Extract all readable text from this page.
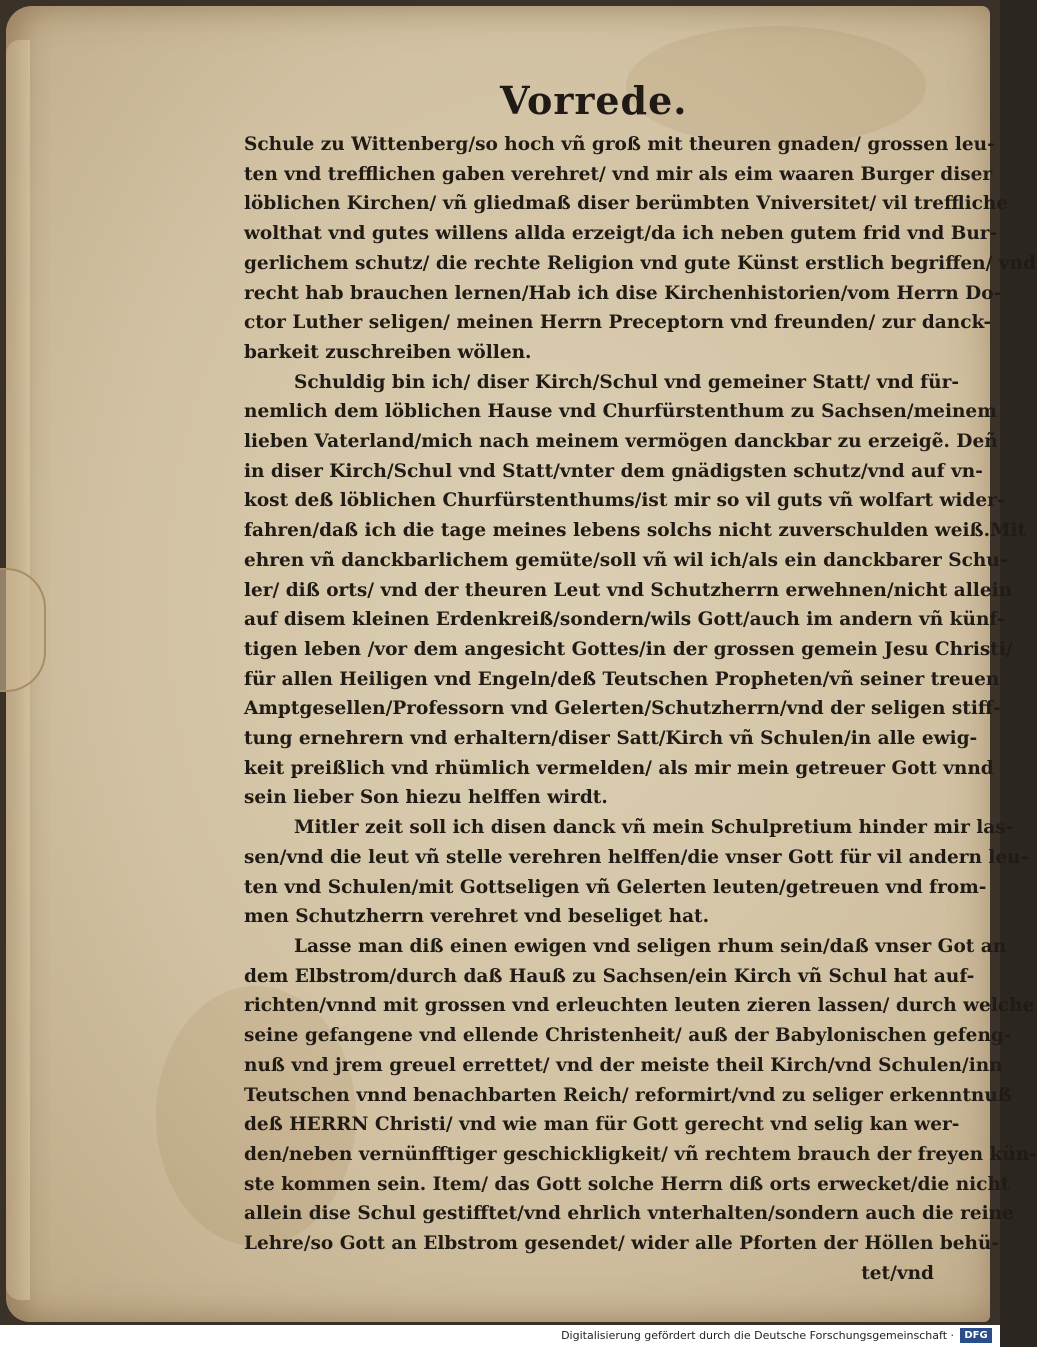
Vorrede.
Schule zu Wittenberg/so hoch vñ groß mit theuren gnaden/ grossen leu-
ten vnd trefflichen gaben verehret/ vnd mir als eim waaren Burger diser
löblichen Kirchen/ vñ gliedmaß diser berümbten Vniversitet/ vil treffliche
wolthat vnd gutes willens allda erzeigt/da ich neben gutem frid vnd Bur-
gerlichem schutz/ die rechte Religion vnd gute Künst erstlich begriffen/ vnd
recht hab brauchen lernen/Hab ich dise Kirchenhistorien/vom Herrn Do-
ctor Luther seligen/ meinen Herrn Preceptorn vnd freunden/ zur danck-
barkeit zuschreiben wöllen.
Schuldig bin ich/ diser Kirch/Schul vnd gemeiner Statt/ vnd für-
nemlich dem löblichen Hause vnd Churfürstenthum zu Sachsen/meinem
lieben Vaterland/mich nach meinem vermögen danckbar zu erzeigẽ. Deñ
in diser Kirch/Schul vnd Statt/vnter dem gnädigsten schutz/vnd auf vn-
kost deß löblichen Churfürstenthums/ist mir so vil guts vñ wolfart wider-
fahren/daß ich die tage meines lebens solchs nicht zuverschulden weiß.Mit
ehren vñ danckbarlichem gemüte/soll vñ wil ich/als ein danckbarer Schu-
ler/ diß orts/ vnd der theuren Leut vnd Schutzherrn erwehnen/nicht allein
auf disem kleinen Erdenkreiß/sondern/wils Gott/auch im andern vñ künf-
tigen leben /vor dem angesicht Gottes/in der grossen gemein Jesu Christi/
für allen Heiligen vnd Engeln/deß Teutschen Propheten/vñ seiner treuen
Amptgesellen/Professorn vnd Gelerten/Schutzherrn/vnd der seligen stiff-
tung ernehrern vnd erhaltern/diser Satt/Kirch vñ Schulen/in alle ewig-
keit preißlich vnd rhümlich vermelden/ als mir mein getreuer Gott vnnd
sein lieber Son hiezu helffen wirdt.
Mitler zeit soll ich disen danck vñ mein Schulpretium hinder mir las-
sen/vnd die leut vñ stelle verehren helffen/die vnser Gott für vil andern leu-
ten vnd Schulen/mit Gottseligen vñ Gelerten leuten/getreuen vnd from-
men Schutzherrn verehret vnd beseliget hat.
Lasse man diß einen ewigen vnd seligen rhum sein/daß vnser Got an
dem Elbstrom/durch daß Hauß zu Sachsen/ein Kirch vñ Schul hat auf-
richten/vnnd mit grossen vnd erleuchten leuten zieren lassen/ durch welche
seine gefangene vnd ellende Christenheit/ auß der Babylonischen gefeng-
nuß vnd jrem greuel errettet/ vnd der meiste theil Kirch/vnd Schulen/inn
Teutschen vnnd benachbarten Reich/ reformirt/vnd zu seliger erkenntnuß
deß HERRN Christi/ vnd wie man für Gott gerecht vnd selig kan wer-
den/neben vernünfftiger geschickligkeit/ vñ rechtem brauch der freyen kün-
ste kommen sein. Item/ das Gott solche Herrn diß orts erwecket/die nicht
allein dise Schul gestifftet/vnd ehrlich vnterhalten/sondern auch die reine
Lehre/so Gott an Elbstrom gesendet/ wider alle Pforten der Höllen behü-
tet/vnd
Digitalisierung gefördert durch die Deutsche Forschungsgemeinschaft ·	DFG
